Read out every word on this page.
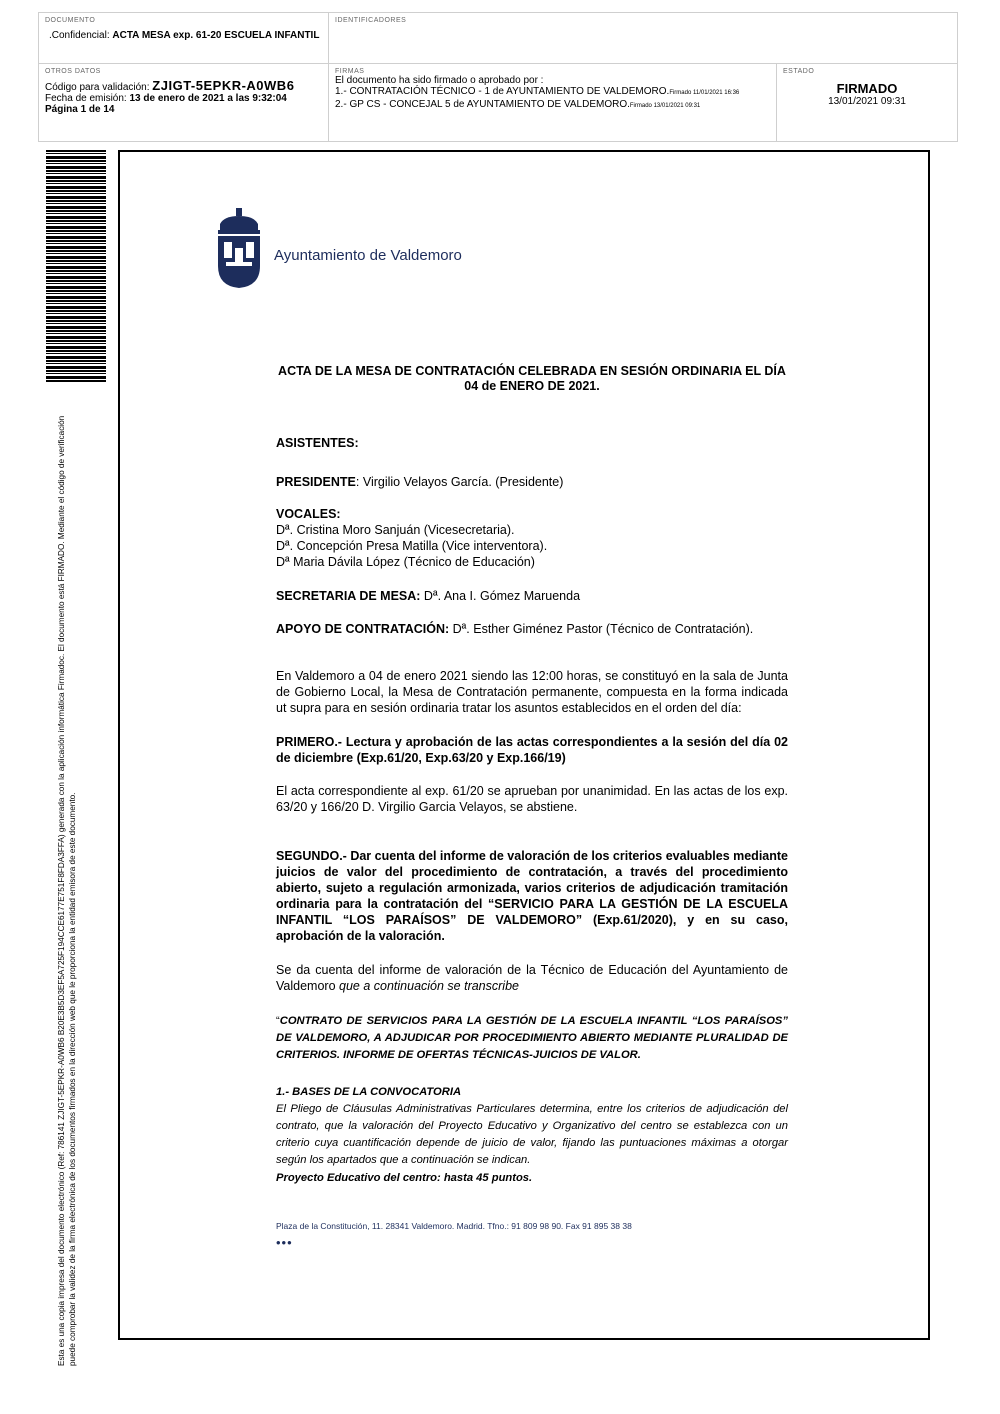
DOCUMENTO
.Confidencial: ACTA MESA exp. 61-20 ESCUELA INFANTIL
IDENTIFICADORES
OTROS DATOS
Código para validación: ZJIGT-5EPKR-A0WB6
Fecha de emisión: 13 de enero de 2021 a las 9:32:04
Página 1 de 14
FIRMAS
El documento ha sido firmado o aprobado por :
1.- CONTRATACIÓN TÉCNICO - 1 de AYUNTAMIENTO DE VALDEMORO.Firmado 11/01/2021 16:36
2.- GP CS - CONCEJAL 5 de AYUNTAMIENTO DE VALDEMORO.Firmado 13/01/2021 09:31
ESTADO
FIRMADO
13/01/2021 09:31
Esta es una copia impresa del documento electrónico (Ref: 786141 ZJIGT-5EPKR-A0WB6 B20E3B5D3EF5A725F194CCE6177E751F8FDA3FFA) generada con la aplicación informática Firmadoc. El documento está FIRMADO. Mediante el código de verificación puede comprobar la validez de la firma electrónica de los documentos firmados en la dirección web que le proporciona la entidad emisora de este documento.
Ayuntamiento de Valdemoro
ACTA DE LA MESA DE CONTRATACIÓN CELEBRADA EN SESIÓN ORDINARIA EL DÍA 04 de ENERO DE 2021.
ASISTENTES:
PRESIDENTE: Virgilio Velayos García. (Presidente)
VOCALES:
Dª. Cristina Moro Sanjuán (Vicesecretaria).
Dª. Concepción Presa Matilla (Vice interventora).
Dª Maria Dávila López (Técnico de Educación)
SECRETARIA DE MESA: Dª. Ana I. Gómez Maruenda
APOYO DE CONTRATACIÓN: Dª. Esther Giménez Pastor (Técnico de Contratación).
En Valdemoro a 04 de enero 2021 siendo las 12:00 horas, se constituyó en la sala de Junta de Gobierno Local, la Mesa de Contratación permanente, compuesta en la forma indicada ut supra para en sesión ordinaria tratar los asuntos establecidos en el orden del día:
PRIMERO.- Lectura y aprobación de las actas correspondientes a la sesión del día 02 de diciembre (Exp.61/20, Exp.63/20 y Exp.166/19)
El acta correspondiente al exp. 61/20 se aprueban por unanimidad. En las actas de los exp. 63/20 y 166/20 D. Virgilio Garcia Velayos, se abstiene.
SEGUNDO.- Dar cuenta del informe de valoración de los criterios evaluables mediante juicios de valor del procedimiento de contratación, a través del procedimiento abierto, sujeto a regulación armonizada, varios criterios de adjudicación tramitación ordinaria para la contratación del “SERVICIO PARA LA GESTIÓN DE LA ESCUELA INFANTIL “LOS PARAÍSOS” DE VALDEMORO” (Exp.61/2020), y en su caso, aprobación de la valoración.
Se da cuenta del informe de valoración de la Técnico de Educación del Ayuntamiento de Valdemoro que a continuación se transcribe
“CONTRATO DE SERVICIOS PARA LA GESTIÓN DE LA ESCUELA INFANTIL “LOS PARAÍSOS” DE VALDEMORO, A ADJUDICAR POR PROCEDIMIENTO ABIERTO MEDIANTE PLURALIDAD DE CRITERIOS. INFORME DE OFERTAS TÉCNICAS-JUICIOS DE VALOR.
1.- BASES DE LA CONVOCATORIA
El Pliego de Cláusulas Administrativas Particulares determina, entre los criterios de adjudicación del contrato, que la valoración del Proyecto Educativo y Organizativo del centro se establezca con un criterio cuya cuantificación depende de juicio de valor, fijando las puntuaciones máximas a otorgar según los apartados que a continuación se indican.
Proyecto Educativo del centro: hasta 45 puntos.
Plaza de la Constitución, 11. 28341 Valdemoro. Madrid. Tfno.: 91 809 98 90. Fax 91 895 38 38
•••
